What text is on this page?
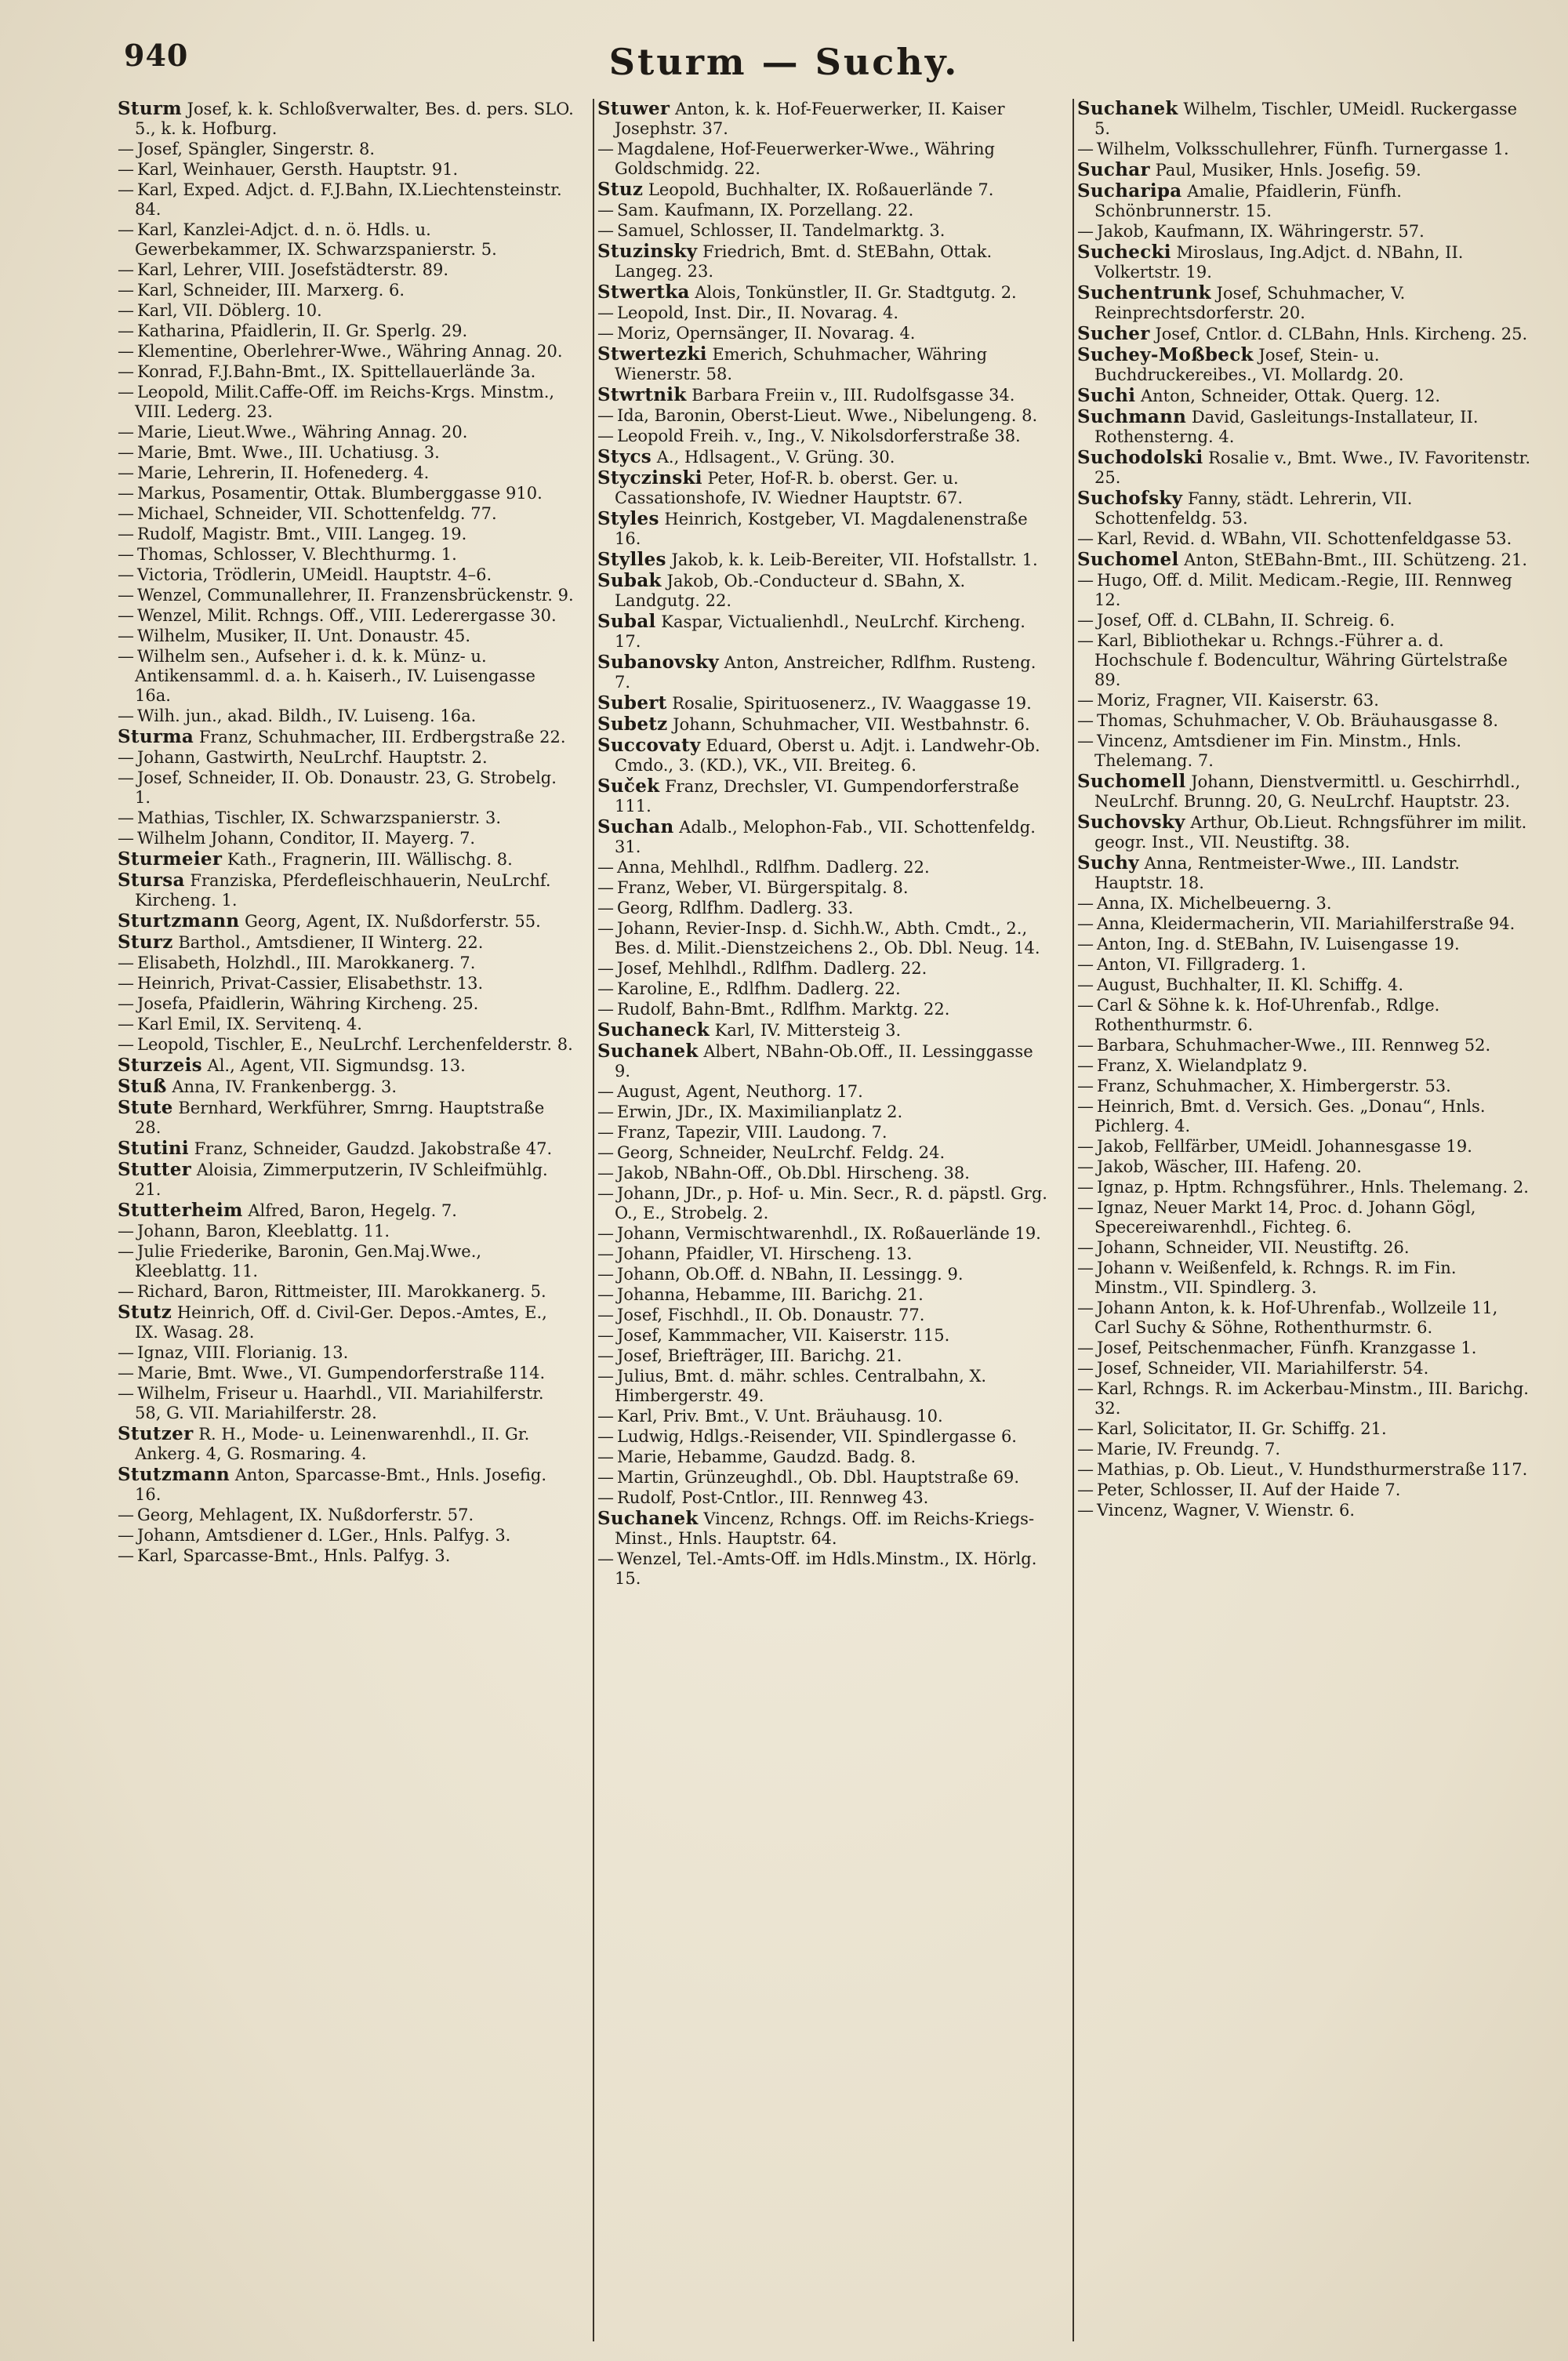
940	Sturm — Suchy.

Sturm Josef, k. k. Schloßverwalter, Bes. d. pers. SLO. 5., k. k. Hofburg.

— Josef, Spängler, Singerstr. 8.

— Karl, Weinhauer, Gersth. Hauptstr. 91.

— Karl, Exped. Adjct. d. F.J.Bahn, IX.Liechtensteinstr. 84.

— Karl, Kanzlei-Adjct. d. n. ö. Hdls. u. Gewerbekammer, IX. Schwarzspanierstr. 5.

— Karl, Lehrer, VIII. Josefstädterstr. 89.

— Karl, Schneider, III. Marxerg. 6.

— Karl, VII. Döblerg. 10.

— Katharina, Pfaidlerin, II. Gr. Sperlg. 29.

— Klementine, Oberlehrer-Wwe., Währing Annag. 20.

— Konrad, F.J.Bahn-Bmt., IX. Spittellauerlände 3a.

— Leopold, Milit.Caffe-Off. im Reichs-Krgs. Minstm., VIII. Lederg. 23.

— Marie, Lieut.Wwe., Währing Annag. 20.

— Marie, Bmt. Wwe., III. Uchatiusg. 3.

— Marie, Lehrerin, II. Hofenederg. 4.

— Markus, Posamentir, Ottak. Blumberggasse 910.

— Michael, Schneider, VII. Schottenfeldg. 77.

— Rudolf, Magistr. Bmt., VIII. Langeg. 19.

— Thomas, Schlosser, V. Blechthurmg. 1.

— Victoria, Trödlerin, UMeidl. Hauptstr. 4–6.

— Wenzel, Communallehrer, II. Franzensbrückenstr. 9.

— Wenzel, Milit. Rchngs. Off., VIII. Lederergasse 30.

— Wilhelm, Musiker, II. Unt. Donaustr. 45.

— Wilhelm sen., Aufseher i. d. k. k. Münz- u. Antikensamml. d. a. h. Kaiserh., IV. Luisengasse 16a.

— Wilh. jun., akad. Bildh., IV. Luiseng. 16a.

Sturma Franz, Schuhmacher, III. Erdbergstraße 22.

— Johann, Gastwirth, NeuLrchf. Hauptstr. 2.

— Josef, Schneider, II. Ob. Donaustr. 23, G. Strobelg. 1.

— Mathias, Tischler, IX. Schwarzspanierstr. 3.

— Wilhelm Johann, Conditor, II. Mayerg. 7.

Sturmeier Kath., Fragnerin, III. Wällischg. 8.

Stursa Franziska, Pferdefleischhauerin, NeuLrchf. Kircheng. 1.

Sturtzmann Georg, Agent, IX. Nußdorferstr. 55.

Sturz Barthol., Amtsdiener, II Winterg. 22.

— Elisabeth, Holzhdl., III. Marokkanerg. 7.

— Heinrich, Privat-Cassier, Elisabethstr. 13.

— Josefa, Pfaidlerin, Währing Kircheng. 25.

— Karl Emil, IX. Servitenq. 4.

— Leopold, Tischler, E., NeuLrchf. Lerchenfelderstr. 8.

Sturzeis Al., Agent, VII. Sigmundsg. 13.

Stuß Anna, IV. Frankenbergg. 3.

Stute Bernhard, Werkführer, Smrng. Hauptstraße 28.

Stutini Franz, Schneider, Gaudzd. Jakobstraße 47.

Stutter Aloisia, Zimmerputzerin, IV Schleifmühlg. 21.

Stutterheim Alfred, Baron, Hegelg. 7.

— Johann, Baron, Kleeblattg. 11.

— Julie Friederike, Baronin, Gen.Maj.Wwe., Kleeblattg. 11.

— Richard, Baron, Rittmeister, III. Marokkanerg. 5.

Stutz Heinrich, Off. d. Civil-Ger. Depos.-Amtes, E., IX. Wasag. 28.

— Ignaz, VIII. Florianig. 13.

— Marie, Bmt. Wwe., VI. Gumpendorferstraße 114.

— Wilhelm, Friseur u. Haarhdl., VII. Mariahilferstr. 58, G. VII. Mariahilferstr. 28.

Stutzer R. H., Mode- u. Leinenwarenhdl., II. Gr. Ankerg. 4, G. Rosmaring. 4.

Stutzmann Anton, Sparcasse-Bmt., Hnls. Josefig. 16.

— Georg, Mehlagent, IX. Nußdorferstr. 57.

— Johann, Amtsdiener d. LGer., Hnls. Palfyg. 3.

— Karl, Sparcasse-Bmt., Hnls. Palfyg. 3.

Stuwer Anton, k. k. Hof-Feuerwerker, II. Kaiser Josephstr. 37.

— Magdalene, Hof-Feuerwerker-Wwe., Währing Goldschmidg. 22.

Stuz Leopold, Buchhalter, IX. Roßauerlände 7.

— Sam. Kaufmann, IX. Porzellang. 22.

— Samuel, Schlosser, II. Tandelmarktg. 3.

Stuzinsky Friedrich, Bmt. d. StEBahn, Ottak. Langeg. 23.

Stwertka Alois, Tonkünstler, II. Gr. Stadtgutg. 2.

— Leopold, Inst. Dir., II. Novarag. 4.

— Moriz, Opernsänger, II. Novarag. 4.

Stwertezki Emerich, Schuhmacher, Währing Wienerstr. 58.

Stwrtnik Barbara Freiin v., III. Rudolfsgasse 34.

— Ida, Baronin, Oberst-Lieut. Wwe., Nibelungeng. 8.

— Leopold Freih. v., Ing., V. Nikolsdorferstraße 38.

Stycs A., Hdlsagent., V. Grüng. 30.

Styczinski Peter, Hof-R. b. oberst. Ger. u. Cassationshofe, IV. Wiedner Hauptstr. 67.

Styles Heinrich, Kostgeber, VI. Magdalenenstraße 16.

Stylles Jakob, k. k. Leib-Bereiter, VII. Hofstallstr. 1.

Subak Jakob, Ob.-Conducteur d. SBahn, X. Landgutg. 22.

Subal Kaspar, Victualienhdl., NeuLrchf. Kircheng. 17.

Subanovsky Anton, Anstreicher, Rdlfhm. Rusteng. 7.

Subert Rosalie, Spirituosenerz., IV. Waaggasse 19.

Subetz Johann, Schuhmacher, VII. Westbahnstr. 6.

Succovaty Eduard, Oberst u. Adjt. i. Landwehr-Ob. Cmdo., 3. (KD.), VK., VII. Breiteg. 6.

Suček Franz, Drechsler, VI. Gumpendorferstraße 111.

Suchan Adalb., Melophon-Fab., VII. Schottenfeldg. 31.

— Anna, Mehlhdl., Rdlfhm. Dadlerg. 22.

— Franz, Weber, VI. Bürgerspitalg. 8.

— Georg, Rdlfhm. Dadlerg. 33.

— Johann, Revier-Insp. d. Sichh.W., Abth. Cmdt., 2., Bes. d. Milit.-Dienstzeichens 2., Ob. Dbl. Neug. 14.

— Josef, Mehlhdl., Rdlfhm. Dadlerg. 22.

— Karoline, E., Rdlfhm. Dadlerg. 22.

— Rudolf, Bahn-Bmt., Rdlfhm. Marktg. 22.

Suchaneck Karl, IV. Mittersteig 3.

Suchanek Albert, NBahn-Ob.Off., II. Lessinggasse 9.

— August, Agent, Neuthorg. 17.

— Erwin, JDr., IX. Maximilianplatz 2.

— Franz, Tapezir, VIII. Laudong. 7.

— Georg, Schneider, NeuLrchf. Feldg. 24.

— Jakob, NBahn-Off., Ob.Dbl. Hirscheng. 38.

— Johann, JDr., p. Hof- u. Min. Secr., R. d. päpstl. Grg. O., E., Strobelg. 2.

— Johann, Vermischtwarenhdl., IX. Roßauerlände 19.

— Johann, Pfaidler, VI. Hirscheng. 13.

— Johann, Ob.Off. d. NBahn, II. Lessingg. 9.

— Johanna, Hebamme, III. Barichg. 21.

— Josef, Fischhdl., II. Ob. Donaustr. 77.

— Josef, Kammmacher, VII. Kaiserstr. 115.

— Josef, Briefträger, III. Barichg. 21.

— Julius, Bmt. d. mähr. schles. Centralbahn, X. Himbergerstr. 49.

— Karl, Priv. Bmt., V. Unt. Bräuhausg. 10.

— Ludwig, Hdlgs.-Reisender, VII. Spindlergasse 6.

— Marie, Hebamme, Gaudzd. Badg. 8.

— Martin, Grünzeughdl., Ob. Dbl. Hauptstraße 69.

— Rudolf, Post-Cntlor., III. Rennweg 43.

Suchanek Vincenz, Rchngs. Off. im Reichs-Kriegs-Minst., Hnls. Hauptstr. 64.

— Wenzel, Tel.-Amts-Off. im Hdls.Minstm., IX. Hörlg. 15.

Suchanek Wilhelm, Tischler, UMeidl. Ruckergasse 5.

— Wilhelm, Volksschullehrer, Fünfh. Turnergasse 1.

Suchar Paul, Musiker, Hnls. Josefig. 59.

Sucharipa Amalie, Pfaidlerin, Fünfh. Schönbrunnerstr. 15.

— Jakob, Kaufmann, IX. Währingerstr. 57.

Suchecki Miroslaus, Ing.Adjct. d. NBahn, II. Volkertstr. 19.

Suchentrunk Josef, Schuhmacher, V. Reinprechtsdorferstr. 20.

Sucher Josef, Cntlor. d. CLBahn, Hnls. Kircheng. 25.

Suchey-Moßbeck Josef, Stein- u. Buchdruckereibes., VI. Mollardg. 20.

Suchi Anton, Schneider, Ottak. Querg. 12.

Suchmann David, Gasleitungs-Installateur, II. Rothensterng. 4.

Suchodolski Rosalie v., Bmt. Wwe., IV. Favoritenstr. 25.

Suchofsky Fanny, städt. Lehrerin, VII. Schottenfeldg. 53.

— Karl, Revid. d. WBahn, VII. Schottenfeldgasse 53.

Suchomel Anton, StEBahn-Bmt., III. Schützeng. 21.

— Hugo, Off. d. Milit. Medicam.-Regie, III. Rennweg 12.

— Josef, Off. d. CLBahn, II. Schreig. 6.

— Karl, Bibliothekar u. Rchngs.-Führer a. d. Hochschule f. Bodencultur, Währing Gürtelstraße 89.

— Moriz, Fragner, VII. Kaiserstr. 63.

— Thomas, Schuhmacher, V. Ob. Bräuhausgasse 8.

— Vincenz, Amtsdiener im Fin. Minstm., Hnls. Thelemang. 7.

Suchomell Johann, Dienstvermittl. u. Geschirrhdl., NeuLrchf. Brunng. 20, G. NeuLrchf. Hauptstr. 23.

Suchovsky Arthur, Ob.Lieut. Rchngsführer im milit. geogr. Inst., VII. Neustiftg. 38.

Suchy Anna, Rentmeister-Wwe., III. Landstr. Hauptstr. 18.

— Anna, IX. Michelbeuerng. 3.

— Anna, Kleidermacherin, VII. Mariahilferstraße 94.

— Anton, Ing. d. StEBahn, IV. Luisengasse 19.

— Anton, VI. Fillgraderg. 1.

— August, Buchhalter, II. Kl. Schiffg. 4.

— Carl & Söhne k. k. Hof-Uhrenfab., Rdlge. Rothenthurmstr. 6.

— Barbara, Schuhmacher-Wwe., III. Rennweg 52.

— Franz, X. Wielandplatz 9.

— Franz, Schuhmacher, X. Himbergerstr. 53.

— Heinrich, Bmt. d. Versich. Ges. „Donau“, Hnls. Pichlerg. 4.

— Jakob, Fellfärber, UMeidl. Johannesgasse 19.

— Jakob, Wäscher, III. Hafeng. 20.

— Ignaz, p. Hptm. Rchngsführer., Hnls. Thelemang. 2.

— Ignaz, Neuer Markt 14, Proc. d. Johann Gögl, Specereiwarenhdl., Fichteg. 6.

— Johann, Schneider, VII. Neustiftg. 26.

— Johann v. Weißenfeld, k. Rchngs. R. im Fin. Minstm., VII. Spindlerg. 3.

— Johann Anton, k. k. Hof-Uhrenfab., Wollzeile 11, Carl Suchy & Söhne, Rothenthurmstr. 6.

— Josef, Peitschenmacher, Fünfh. Kranzgasse 1.

— Josef, Schneider, VII. Mariahilferstr. 54.

— Karl, Rchngs. R. im Ackerbau-Minstm., III. Barichg. 32.

— Karl, Solicitator, II. Gr. Schiffg. 21.

— Marie, IV. Freundg. 7.

— Mathias, p. Ob. Lieut., V. Hundsthurmerstraße 117.

— Peter, Schlosser, II. Auf der Haide 7.

— Vincenz, Wagner, V. Wienstr. 6.
